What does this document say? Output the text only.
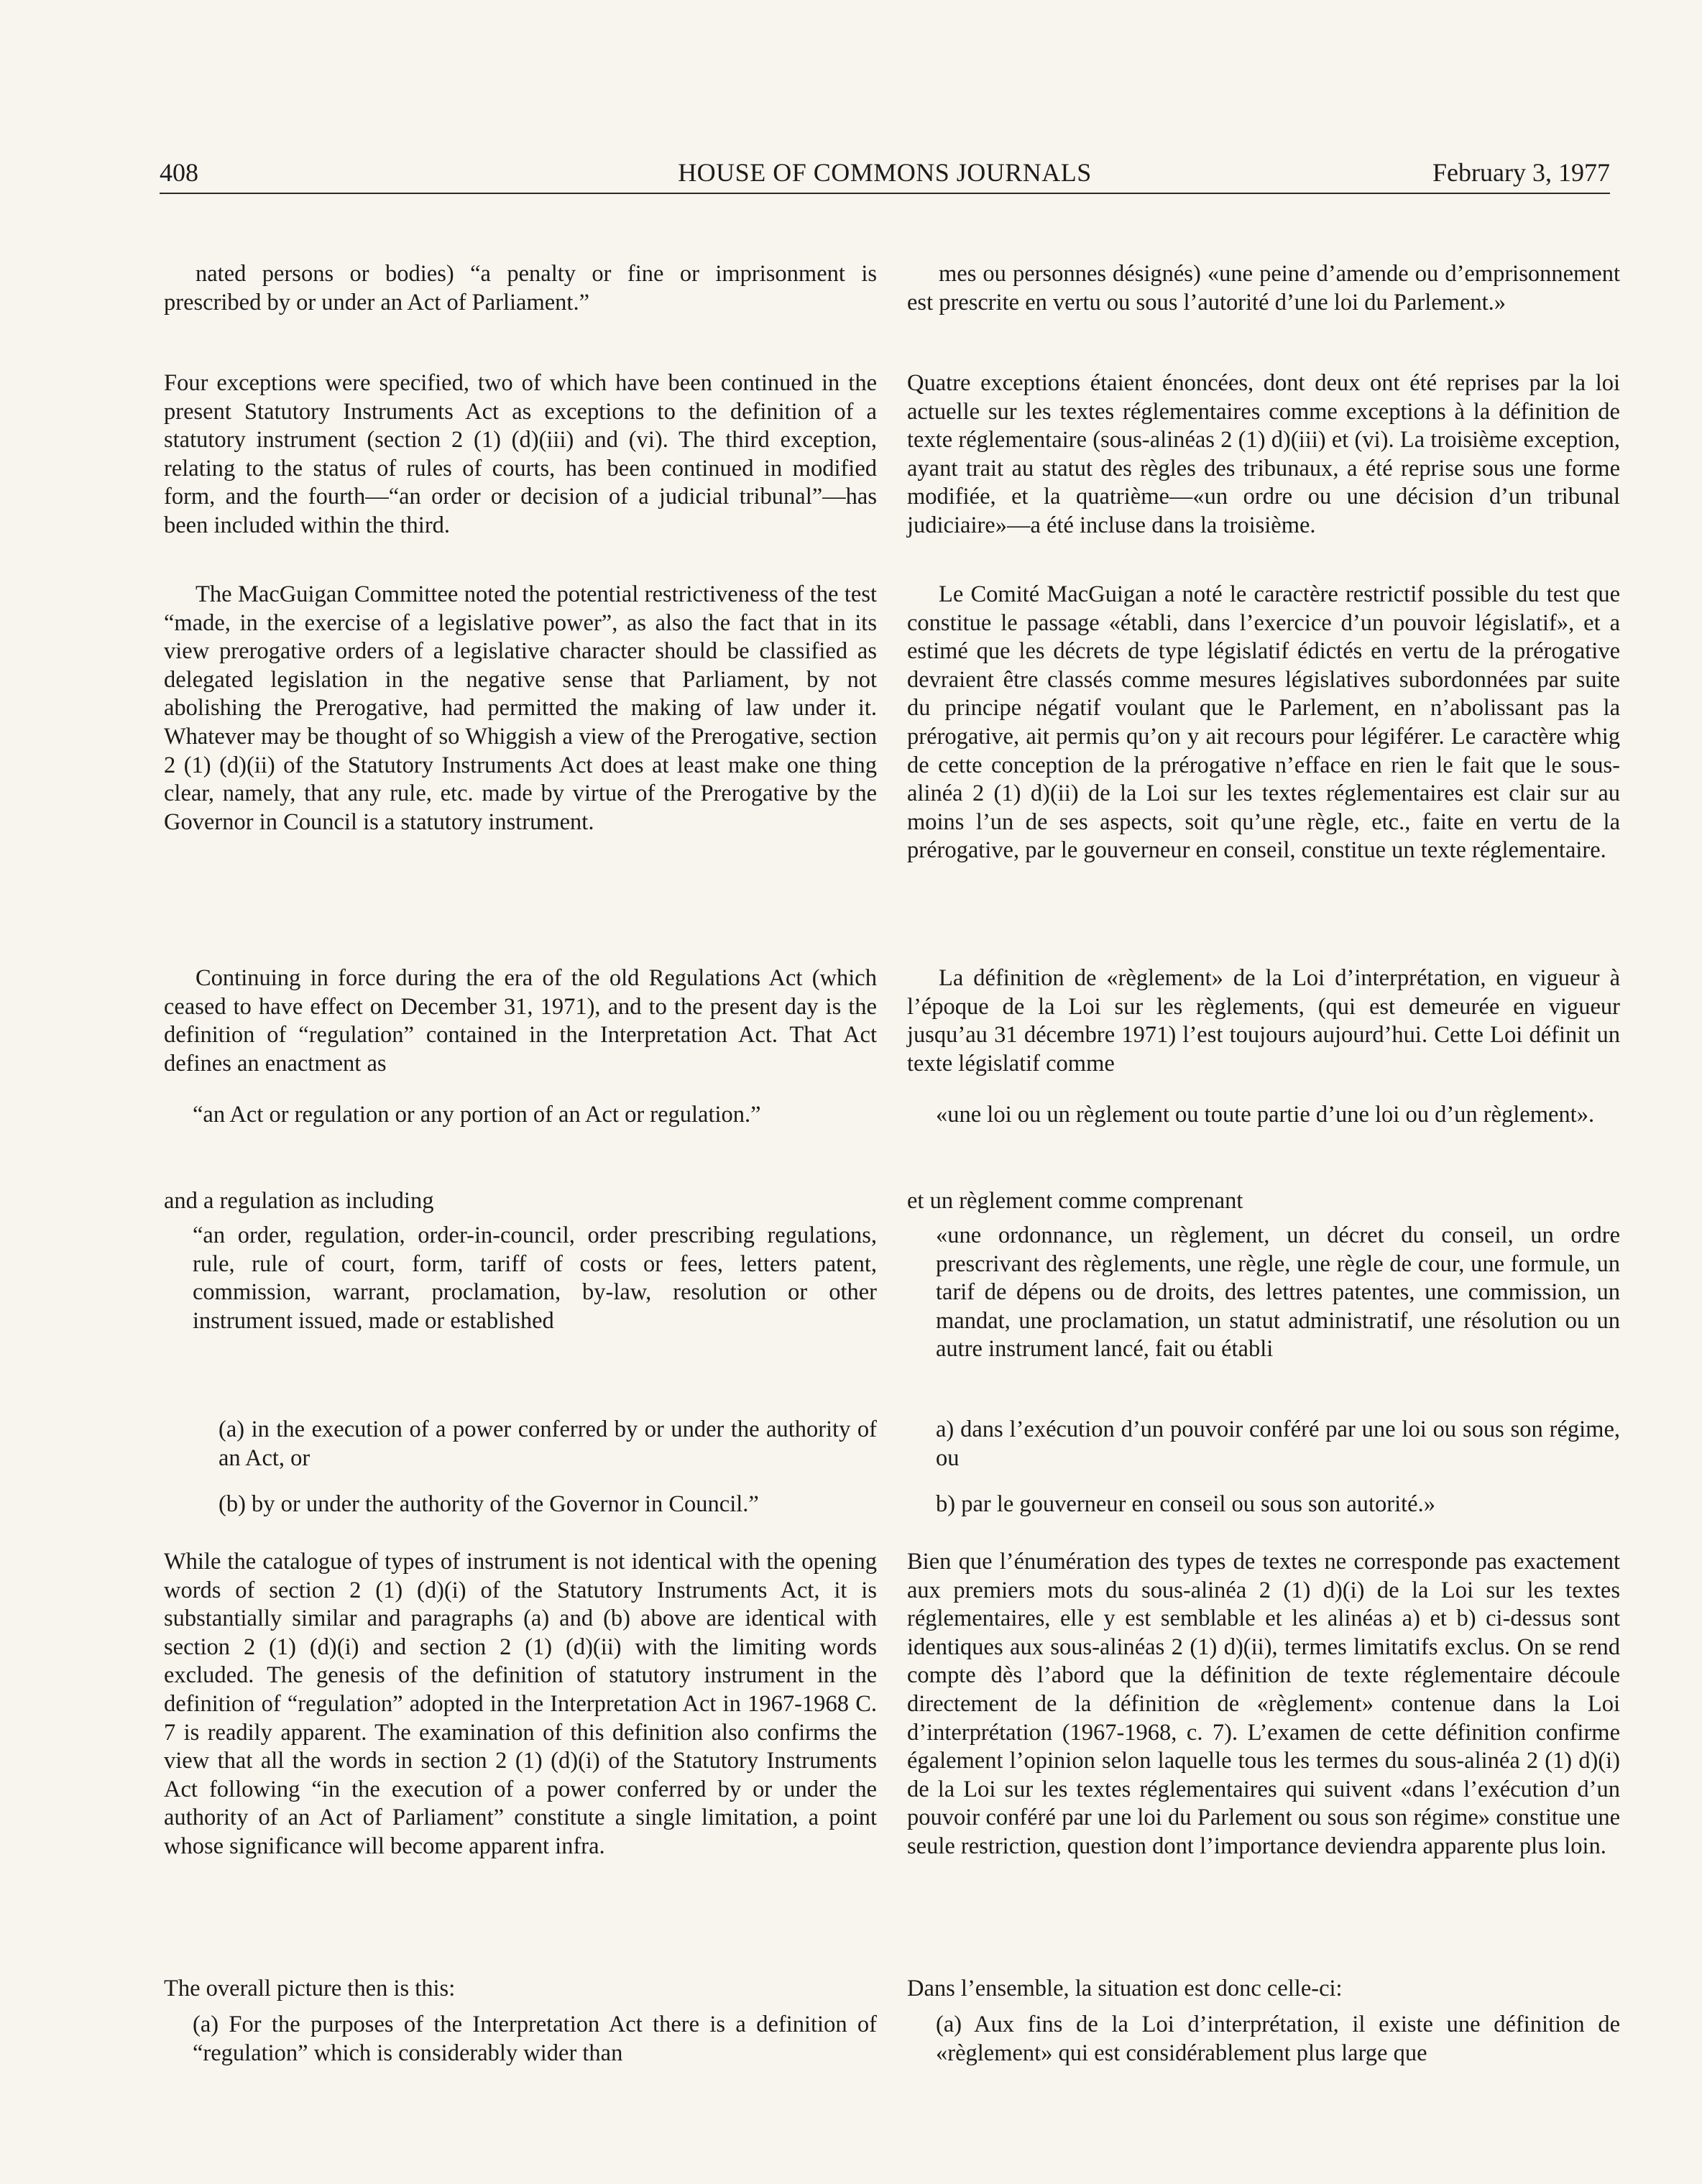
408	HOUSE OF COMMONS JOURNALS	February 3, 1977

nated persons or bodies) “a penalty or fine or imprisonment is prescribed by or under an Act of Parliament.”

Four exceptions were specified, two of which have been continued in the present Statutory Instruments Act as exceptions to the definition of a statutory instrument (section 2 (1) (d)(iii) and (vi). The third exception, relating to the status of rules of courts, has been continued in modified form, and the fourth—“an order or decision of a judicial tribunal”—has been included within the third.

The MacGuigan Committee noted the potential restrictiveness of the test “made, in the exercise of a legislative power”, as also the fact that in its view prerogative orders of a legislative character should be classified as delegated legislation in the negative sense that Parliament, by not abolishing the Prerogative, had permitted the making of law under it. Whatever may be thought of so Whiggish a view of the Prerogative, section 2 (1) (d)(ii) of the Statutory Instruments Act does at least make one thing clear, namely, that any rule, etc. made by virtue of the Prerogative by the Governor in Council is a statutory instrument.

Continuing in force during the era of the old Regulations Act (which ceased to have effect on December 31, 1971), and to the present day is the definition of “regulation” contained in the Interpretation Act. That Act defines an enactment as

“an Act or regulation or any portion of an Act or regulation.”

and a regulation as including

“an order, regulation, order-in-council, order prescribing regulations, rule, rule of court, form, tariff of costs or fees, letters patent, commission, warrant, proclamation, by-law, resolution or other instrument issued, made or established

(a) in the execution of a power conferred by or under the authority of an Act, or

(b) by or under the authority of the Governor in Council.”

While the catalogue of types of instrument is not identical with the opening words of section 2 (1) (d)(i) of the Statutory Instruments Act, it is substantially similar and paragraphs (a) and (b) above are identical with section 2 (1) (d)(i) and section 2 (1) (d)(ii) with the limiting words excluded. The genesis of the definition of statutory instrument in the definition of “regulation” adopted in the Interpretation Act in 1967-1968 C. 7 is readily apparent. The examination of this definition also confirms the view that all the words in section 2 (1) (d)(i) of the Statutory Instruments Act following “in the execution of a power conferred by or under the authority of an Act of Parliament” constitute a single limitation, a point whose significance will become apparent infra.

The overall picture then is this:

(a) For the purposes of the Interpretation Act there is a definition of “regulation” which is considerably wider than

mes ou personnes désignés) «une peine d’amende ou d’emprisonnement est prescrite en vertu ou sous l’autorité d’une loi du Parlement.»

Quatre exceptions étaient énoncées, dont deux ont été reprises par la loi actuelle sur les textes réglementaires comme exceptions à la définition de texte réglementaire (sous-alinéas 2 (1) d)(iii) et (vi). La troisième exception, ayant trait au statut des règles des tribunaux, a été reprise sous une forme modifiée, et la quatrième—«un ordre ou une décision d’un tribunal judiciaire»—a été incluse dans la troisième.

Le Comité MacGuigan a noté le caractère restrictif possible du test que constitue le passage «établi, dans l’exercice d’un pouvoir législatif», et a estimé que les décrets de type législatif édictés en vertu de la prérogative devraient être classés comme mesures législatives subordonnées par suite du principe négatif voulant que le Parlement, en n’abolissant pas la prérogative, ait permis qu’on y ait recours pour légiférer. Le caractère whig de cette conception de la prérogative n’efface en rien le fait que le sous-alinéa 2 (1) d)(ii) de la Loi sur les textes réglementaires est clair sur au moins l’un de ses aspects, soit qu’une règle, etc., faite en vertu de la prérogative, par le gouverneur en conseil, constitue un texte réglementaire.

La définition de «règlement» de la Loi d’interprétation, en vigueur à l’époque de la Loi sur les règlements, (qui est demeurée en vigueur jusqu’au 31 décembre 1971) l’est toujours aujourd’hui. Cette Loi définit un texte législatif comme

«une loi ou un règlement ou toute partie d’une loi ou d’un règlement».

et un règlement comme comprenant

«une ordonnance, un règlement, un décret du conseil, un ordre prescrivant des règlements, une règle, une règle de cour, une formule, un tarif de dépens ou de droits, des lettres patentes, une commission, un mandat, une proclamation, un statut administratif, une résolution ou un autre instrument lancé, fait ou établi

a) dans l’exécution d’un pouvoir conféré par une loi ou sous son régime, ou

b) par le gouverneur en conseil ou sous son autorité.»

Bien que l’énumération des types de textes ne corresponde pas exactement aux premiers mots du sous-alinéa 2 (1) d)(i) de la Loi sur les textes réglementaires, elle y est semblable et les alinéas a) et b) ci-dessus sont identiques aux sous-alinéas 2 (1) d)(ii), termes limitatifs exclus. On se rend compte dès l’abord que la définition de texte réglementaire découle directement de la définition de «règlement» contenue dans la Loi d’interprétation (1967-1968, c. 7). L’examen de cette définition confirme également l’opinion selon laquelle tous les termes du sous-alinéa 2 (1) d)(i) de la Loi sur les textes réglementaires qui suivent «dans l’exécution d’un pouvoir conféré par une loi du Parlement ou sous son régime» constitue une seule restriction, question dont l’importance deviendra apparente plus loin.

Dans l’ensemble, la situation est donc celle-ci:

(a) Aux fins de la Loi d’interprétation, il existe une définition de «règlement» qui est considérablement plus large que
